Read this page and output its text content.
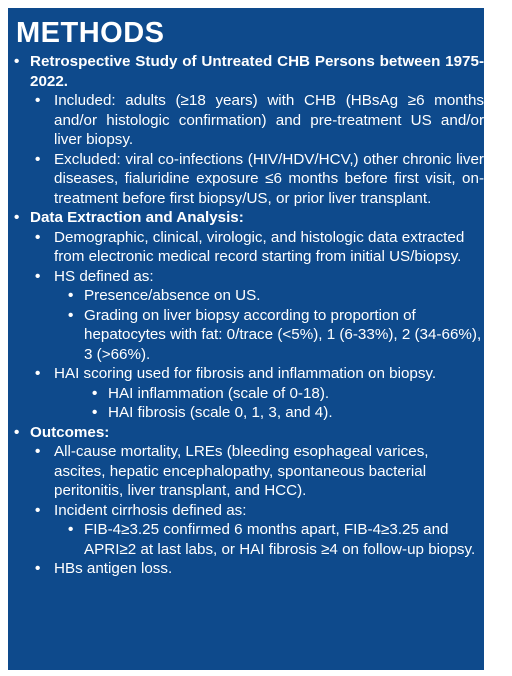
METHODS
• Retrospective Study of Untreated CHB Persons between 1975-2022.
• Included: adults (≥18 years) with CHB (HBsAg ≥6 months and/or histologic confirmation) and pre-treatment US and/or liver biopsy.
• Excluded: viral co-infections (HIV/HDV/HCV,) other chronic liver diseases, fialuridine exposure ≤6 months before first visit, on-treatment before first biopsy/US, or prior liver transplant.
• Data Extraction and Analysis:
• Demographic, clinical, virologic, and histologic data extracted from electronic medical record starting from initial US/biopsy.
• HS defined as:
• Presence/absence on US.
• Grading on liver biopsy according to proportion of hepatocytes with fat: 0/trace (<5%), 1 (6-33%), 2 (34-66%), 3 (>66%).
• HAI scoring used for fibrosis and inflammation on biopsy.
• HAI inflammation (scale of 0-18).
• HAI fibrosis (scale 0, 1, 3, and 4).
• Outcomes:
• All-cause mortality, LREs (bleeding esophageal varices, ascites, hepatic encephalopathy, spontaneous bacterial peritonitis, liver transplant, and HCC).
• Incident cirrhosis defined as:
• FIB-4≥3.25 confirmed 6 months apart, FIB-4≥3.25 and APRI≥2 at last labs, or HAI fibrosis ≥4 on follow-up biopsy.
• HBs antigen loss.
